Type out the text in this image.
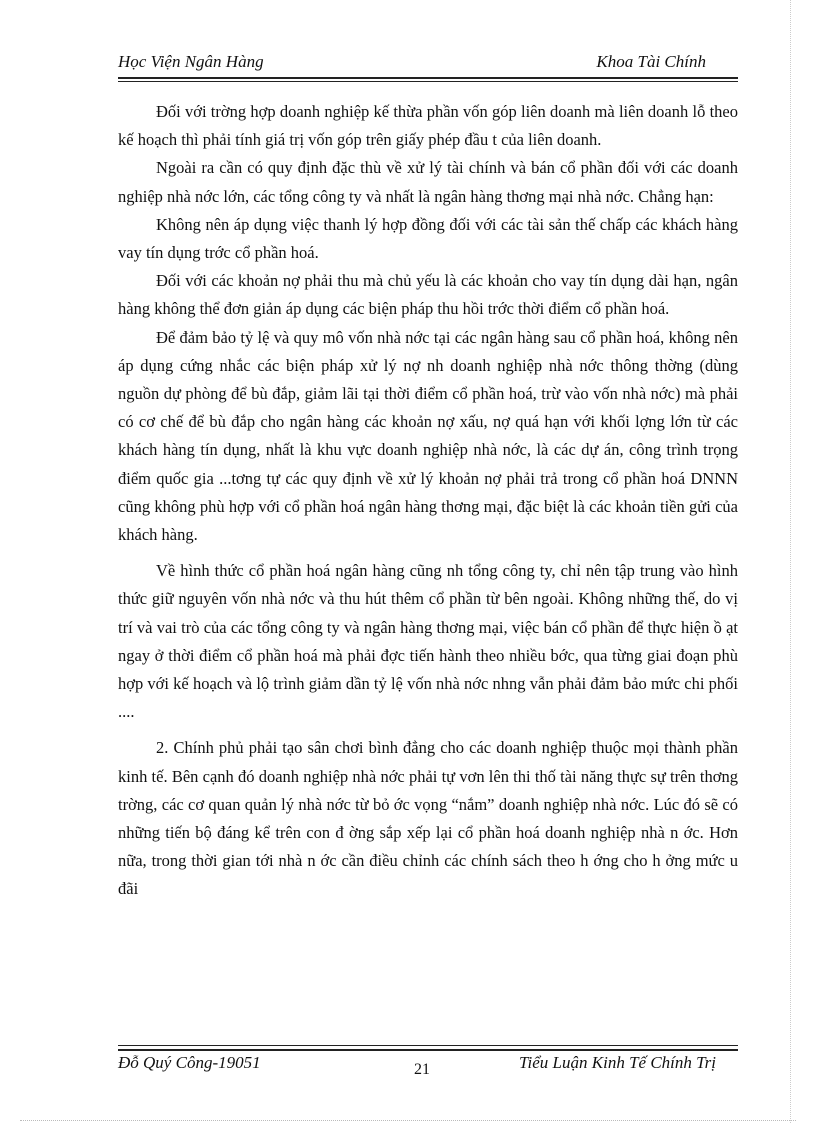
Học Viện Ngân Hàng	Khoa Tài Chính

Đối với trờng hợp doanh nghiệp kế thừa phần vốn góp liên doanh mà liên doanh lỗ theo kế hoạch thì phải tính giá trị vốn góp trên giấy phép đầu t của liên doanh.

Ngoài ra cần có quy định đặc thù về xử lý tài chính và bán cổ phần đối với các doanh nghiệp nhà nớc lớn, các tổng công ty và nhất là ngân hàng thơng mại nhà nớc. Chẳng hạn:

Không nên áp dụng việc thanh lý hợp đồng đối với các tài sản thế chấp các khách hàng vay tín dụng trớc cổ phần hoá.

Đối với các khoản nợ phải thu mà chủ yếu là các khoản cho vay tín dụng dài hạn, ngân hàng không thể đơn giản áp dụng các biện pháp thu hồi trớc thời điểm cổ phần hoá.

Để đảm bảo tỷ lệ và quy mô vốn nhà nớc tại các ngân hàng sau cổ phần hoá, không nên áp dụng cứng nhắc các biện pháp xử lý nợ nh doanh nghiệp nhà nớc thông thờng (dùng nguồn dự phòng để bù đắp, giảm lãi tại thời điểm cổ phần hoá, trừ vào vốn nhà nớc) mà phải có cơ chế để bù đắp cho ngân hàng các khoản nợ xấu, nợ quá hạn với khối lợng lớn từ các khách hàng tín dụng, nhất là khu vực doanh nghiệp nhà nớc, là các dự án, công trình trọng điểm quốc gia ...tơng tự các quy định về xử lý khoản nợ phải trả trong cổ phần hoá DNNN cũng không phù hợp với cổ phần hoá ngân hàng thơng mại, đặc biệt là các khoản tiền gửi của khách hàng.

Về hình thức cổ phần hoá ngân hàng cũng nh tổng công ty, chỉ nên tập trung vào hình thức giữ nguyên vốn nhà nớc và thu hút thêm cổ phần từ bên ngoài. Không những thế, do vị trí và vai trò của các tổng công ty và ngân hàng thơng mại, việc bán cổ phần để thực hiện ồ ạt ngay ở thời điểm cổ phần hoá mà phải đợc tiến hành theo nhiều bớc, qua từng giai đoạn phù hợp với kế hoạch và lộ trình giảm dần tỷ lệ vốn nhà nớc nhng vẫn phải đảm bảo mức chi phối ....

2. Chính phủ phải tạo sân chơi bình đẳng cho các doanh nghiệp thuộc mọi thành phần kinh tế. Bên cạnh đó doanh nghiệp nhà nớc phải tự vơn lên thi thố tài năng thực sự trên thơng trờng, các cơ quan quản lý nhà nớc từ bỏ ớc vọng “nắm” doanh nghiệp nhà nớc. Lúc đó sẽ có những tiến bộ đáng kể trên con đ ờng sắp xếp lại cổ phần hoá doanh nghiệp nhà n ớc. Hơn nữa, trong thời gian tới nhà n ớc cần điều chỉnh các chính sách theo h ớng cho h ởng mức u đãi

Đỗ Quý Công-19051	21	Tiểu Luận Kinh Tế Chính Trị
